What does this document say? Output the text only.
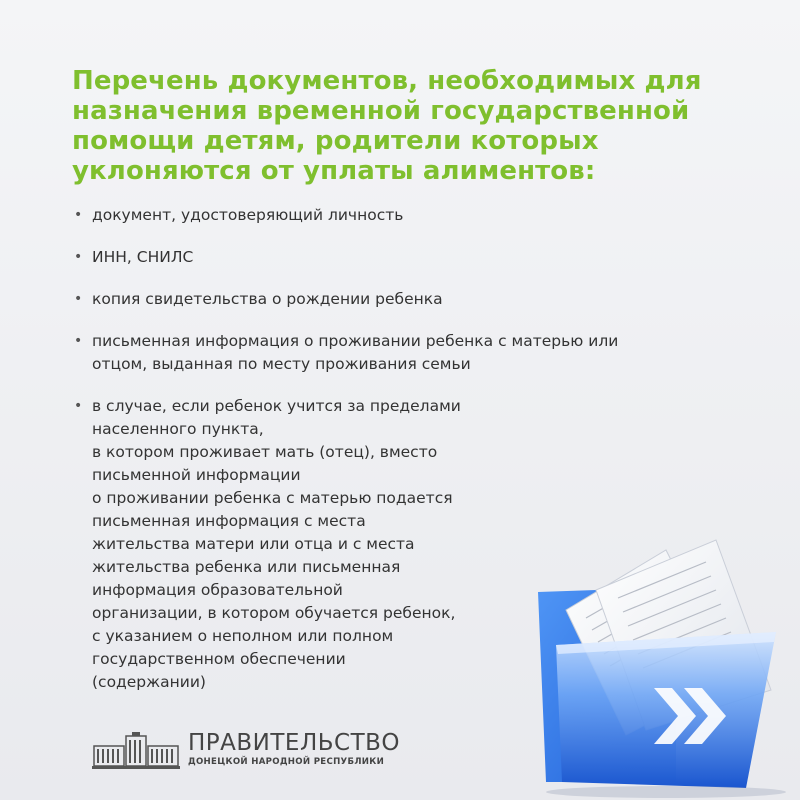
Перечень документов, необходимых для
назначения временной государственной
помощи детям, родители которых
уклоняются от уплаты алиментов:
• документ, удостоверяющий личность
• ИНН, СНИЛС
• копия свидетельства о рождении ребенка
• письменная информация о проживании ребенка с матерью или
отцом, выданная по месту проживания семьи
• в случае, если ребенок учится за пределами
населенного пункта,
в котором проживает мать (отец), вместо
письменной информации
о проживании ребенка с матерью подается
письменная информация с места
жительства матери или отца и с места
жительства ребенка или письменная
информация образовательной
организации, в котором обучается ребенок,
с указанием о неполном или полном
государственном обеспечении
(содержании)
ПРАВИТЕЛЬСТВО
ДОНЕЦКОЙ НАРОДНОЙ РЕСПУБЛИКИ
